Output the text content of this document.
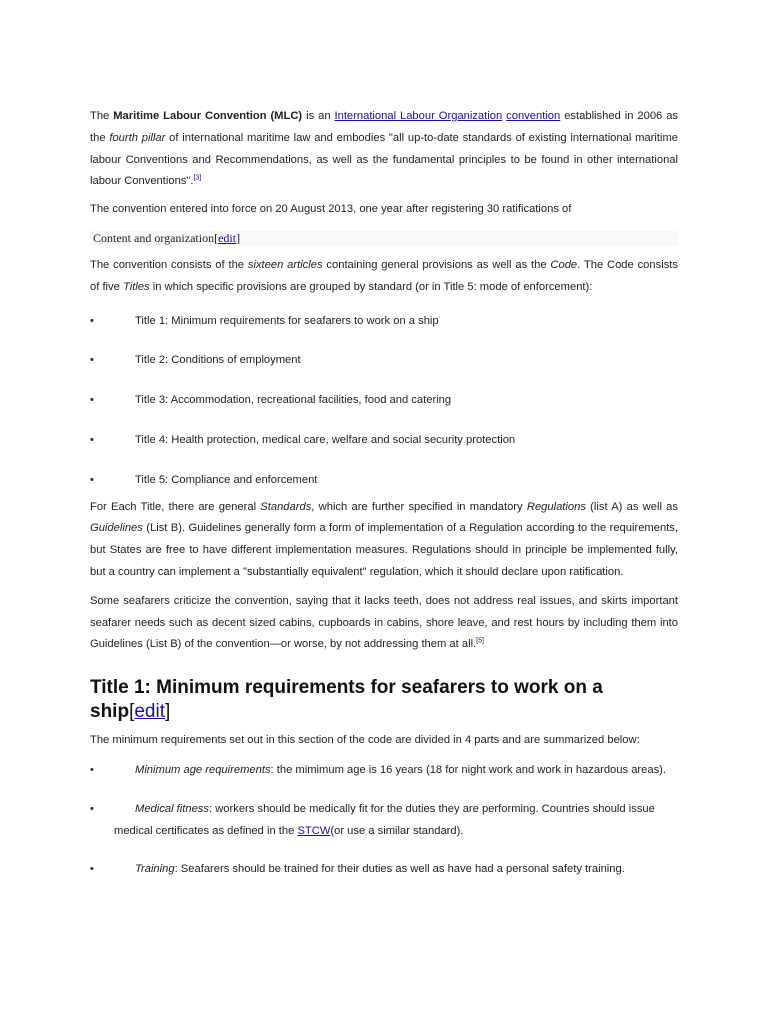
The Maritime Labour Convention (MLC) is an International Labour Organization convention established in 2006 as the fourth pillar of international maritime law and embodies "all up-to-date standards of existing international maritime labour Conventions and Recommendations, as well as the fundamental principles to be found in other international labour Conventions".[3]

The convention entered into force on 20 August 2013, one year after registering 30 ratifications of

Content and organization[edit]

The convention consists of the sixteen articles containing general provisions as well as the Code. The Code consists of five Titles in which specific provisions are grouped by standard (or in Title 5: mode of enforcement):

•	Title 1: Minimum requirements for seafarers to work on a ship
•	Title 2: Conditions of employment
•	Title 3: Accommodation, recreational facilities, food and catering
•	Title 4: Health protection, medical care, welfare and social security protection
•	Title 5: Compliance and enforcement

For Each Title, there are general Standards, which are further specified in mandatory Regulations (list A) as well as Guidelines (List B). Guidelines generally form a form of implementation of a Regulation according to the requirements, but States are free to have different implementation measures. Regulations should in principle be implemented fully, but a country can implement a "substantially equivalent" regulation, which it should declare upon ratification.

Some seafarers criticize the convention, saying that it lacks teeth, does not address real issues, and skirts important seafarer needs such as decent sized cabins, cupboards in cabins, shore leave, and rest hours by including them into Guidelines (List B) of the convention—or worse, by not addressing them at all.[5]

Title 1: Minimum requirements for seafarers to work on a ship[edit]

The minimum requirements set out in this section of the code are divided in 4 parts and are summarized below:

•	Minimum age requirements: the mimimum age is 16 years (18 for night work and work in hazardous areas).
•	Medical fitness: workers should be medically fit for the duties they are performing. Countries should issue medical certificates as defined in the STCW(or use a similar standard).
•	Training: Seafarers should be trained for their duties as well as have had a personal safety training.
